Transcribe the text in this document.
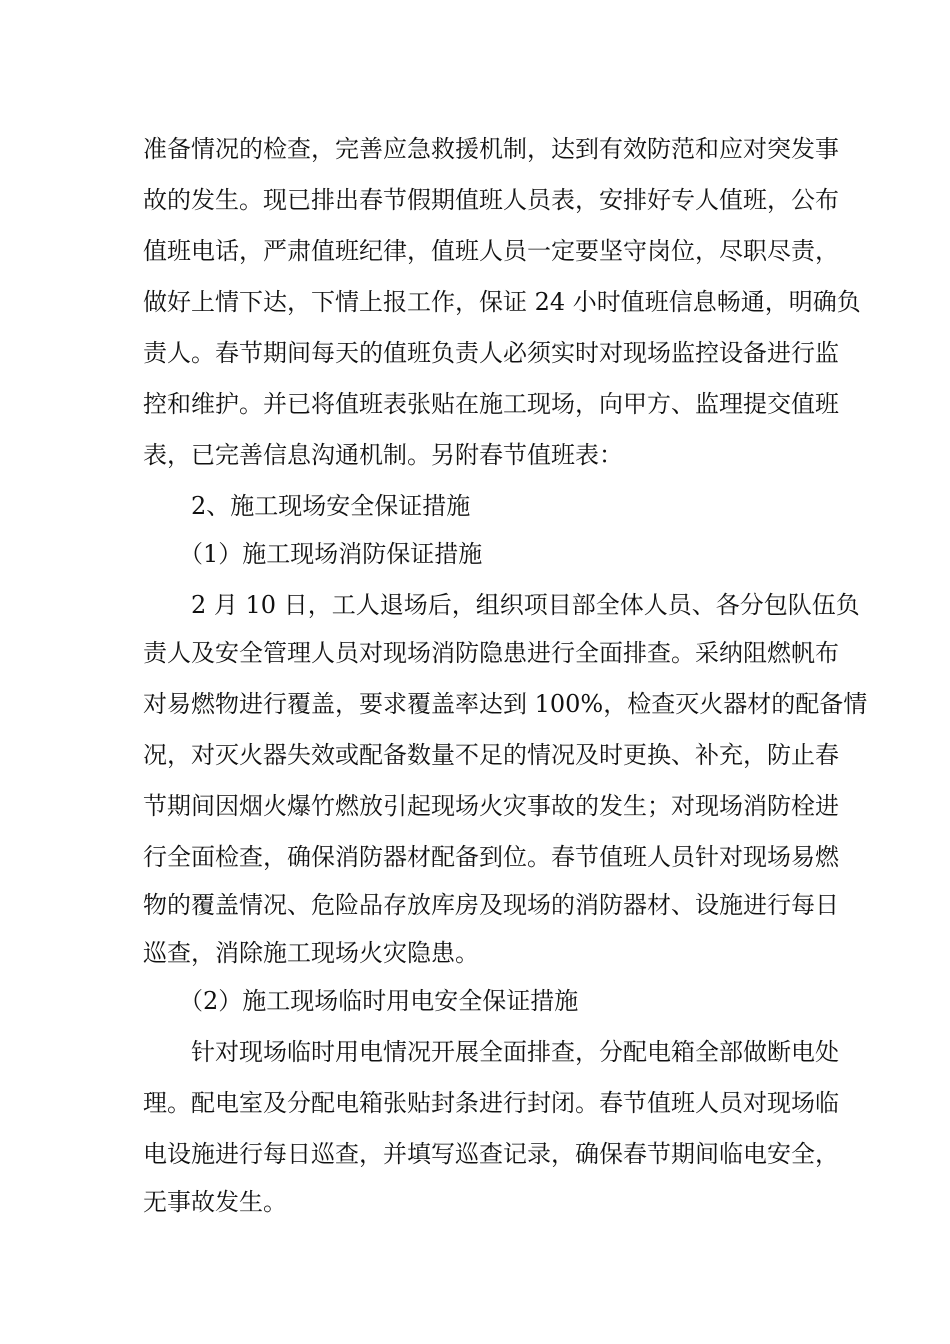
准备情况的检查，完善应急救援机制，达到有效防范和应对突发事

故的发生。现已排出春节假期值班人员表，安排好专人值班，公布

值班电话，严肃值班纪律，值班人员一定要坚守岗位，尽职尽责，

做好上情下达，下情上报工作，保证 24 小时值班信息畅通，明确负

责人。春节期间每天的值班负责人必须实时对现场监控设备进行监

控和维护。并已将值班表张贴在施工现场，向甲方、监理提交值班

表，已完善信息沟通机制。另附春节值班表：

2、施工现场安全保证措施

（1）施工现场消防保证措施

2 月 10 日，工人退场后，组织项目部全体人员、各分包队伍负

责人及安全管理人员对现场消防隐患进行全面排查。采纳阻燃帆布

对易燃物进行覆盖，要求覆盖率达到 100%，检查灭火器材的配备情

况，对灭火器失效或配备数量不足的情况及时更换、补充，防止春

节期间因烟火爆竹燃放引起现场火灾事故的发生；对现场消防栓进

行全面检查，确保消防器材配备到位。春节值班人员针对现场易燃

物的覆盖情况、危险品存放库房及现场的消防器材、设施进行每日

巡查，消除施工现场火灾隐患。

（2）施工现场临时用电安全保证措施

针对现场临时用电情况开展全面排查，分配电箱全部做断电处

理。配电室及分配电箱张贴封条进行封闭。春节值班人员对现场临

电设施进行每日巡查，并填写巡查记录，确保春节期间临电安全，

无事故发生。
